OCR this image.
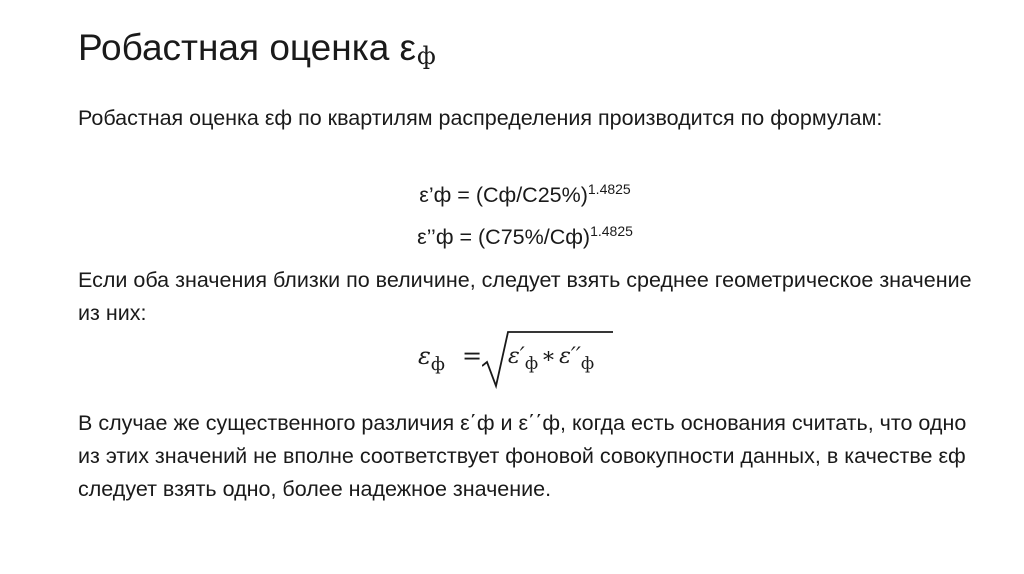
Робастная оценка εф
Робастная оценка εф по квартилям распределения производится по формулам:
ε’ф = $(Сф/С25\%)^{1.4825}$
ε’’ф = $(С75\%/Сф)^{1.4825}$
Если оба значения близки по величине, следует взять среднее геометрическое значение из них:
$\varepsilon_ф = \varepsilon'_ф$ ∗ $\varepsilon''_ф$
В случае же существенного различия ε΄ф и ε΄΄ф, когда есть основания считать, что одно из этих значений не вполне соответствует фоновой совокупности данных, в качестве εф следует взять одно, более надежное значение.
